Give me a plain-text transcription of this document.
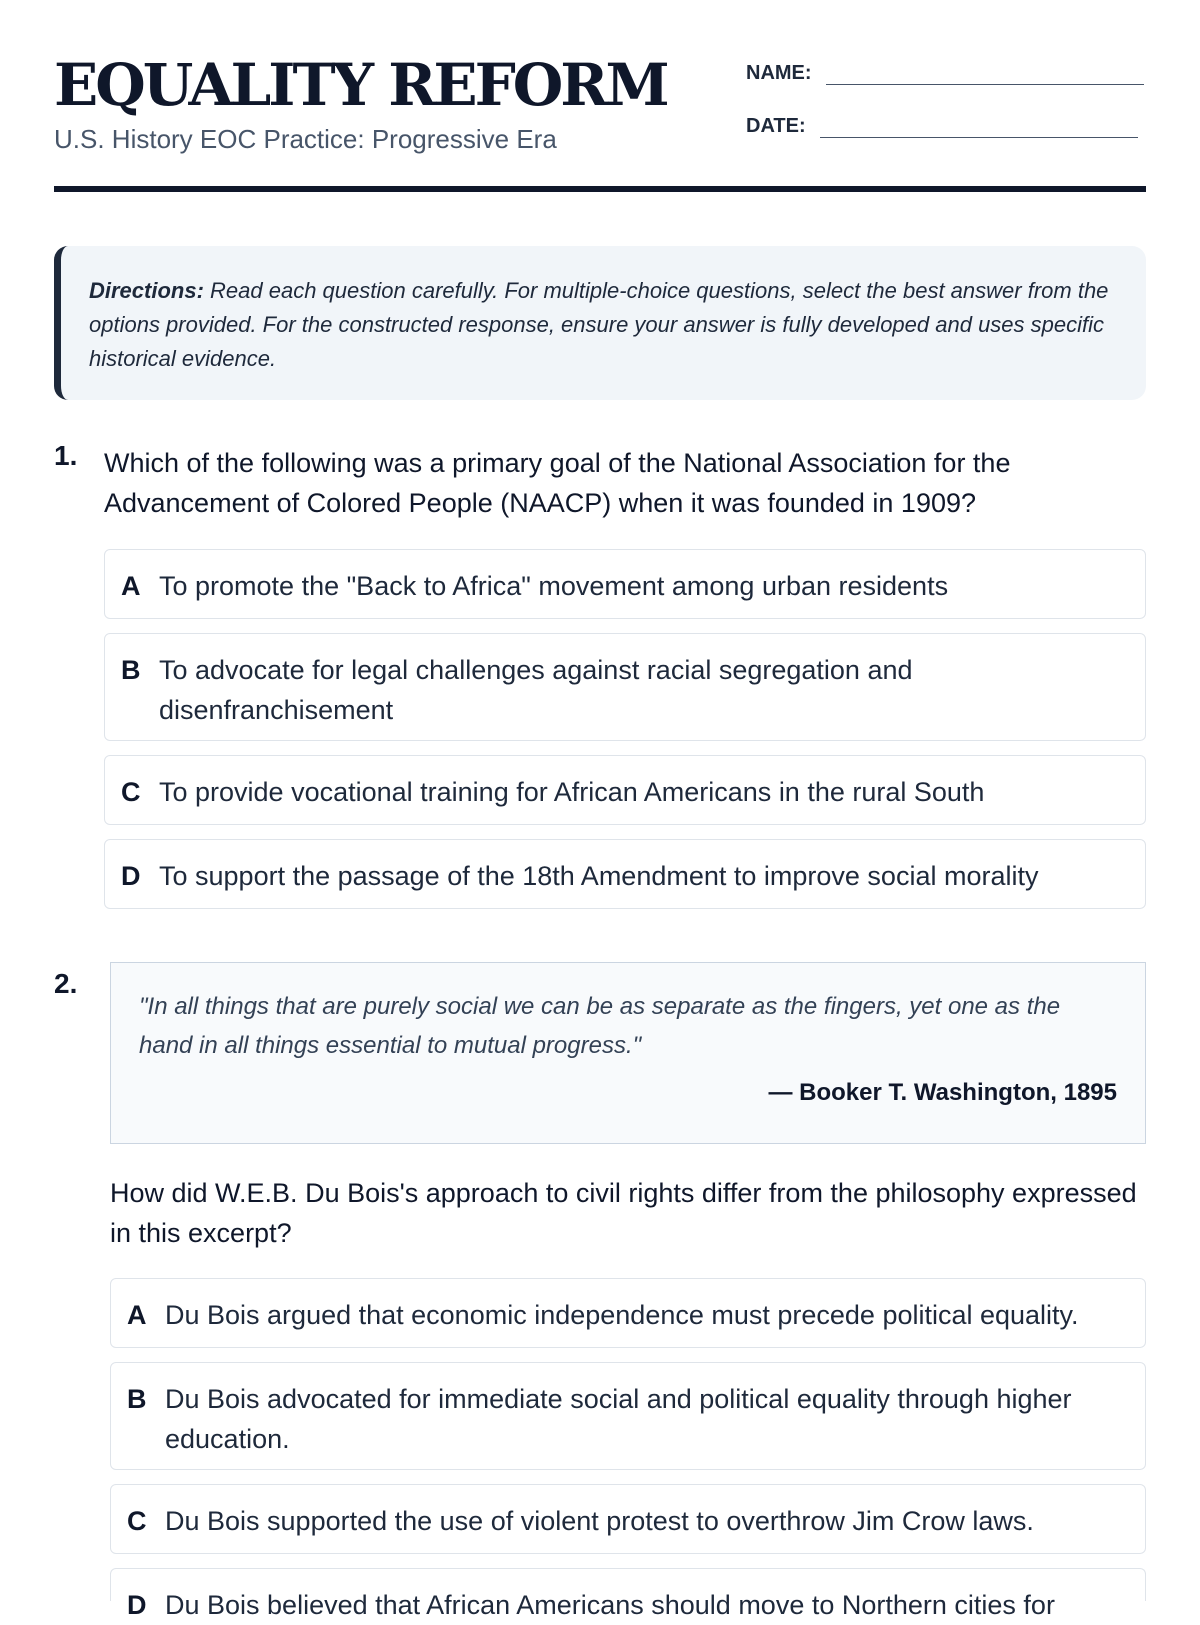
EQUALITY REFORM
U.S. History EOC Practice: Progressive Era
NAME:
DATE:
Directions: Read each question carefully. For multiple-choice questions, select the best answer from the options provided. For the constructed response, ensure your answer is fully developed and uses specific historical evidence.
1. Which of the following was a primary goal of the National Association for the Advancement of Colored People (NAACP) when it was founded in 1909?
A To promote the "Back to Africa" movement among urban residents
B To advocate for legal challenges against racial segregation and disenfranchisement
C To provide vocational training for African Americans in the rural South
D To support the passage of the 18th Amendment to improve social morality
2.
"In all things that are purely social we can be as separate as the fingers, yet one as the hand in all things essential to mutual progress."
— Booker T. Washington, 1895
How did W.E.B. Du Bois's approach to civil rights differ from the philosophy expressed in this excerpt?
A Du Bois argued that economic independence must precede political equality.
B Du Bois advocated for immediate social and political equality through higher education.
C Du Bois supported the use of violent protest to overthrow Jim Crow laws.
D Du Bois believed that African Americans should move to Northern cities for
